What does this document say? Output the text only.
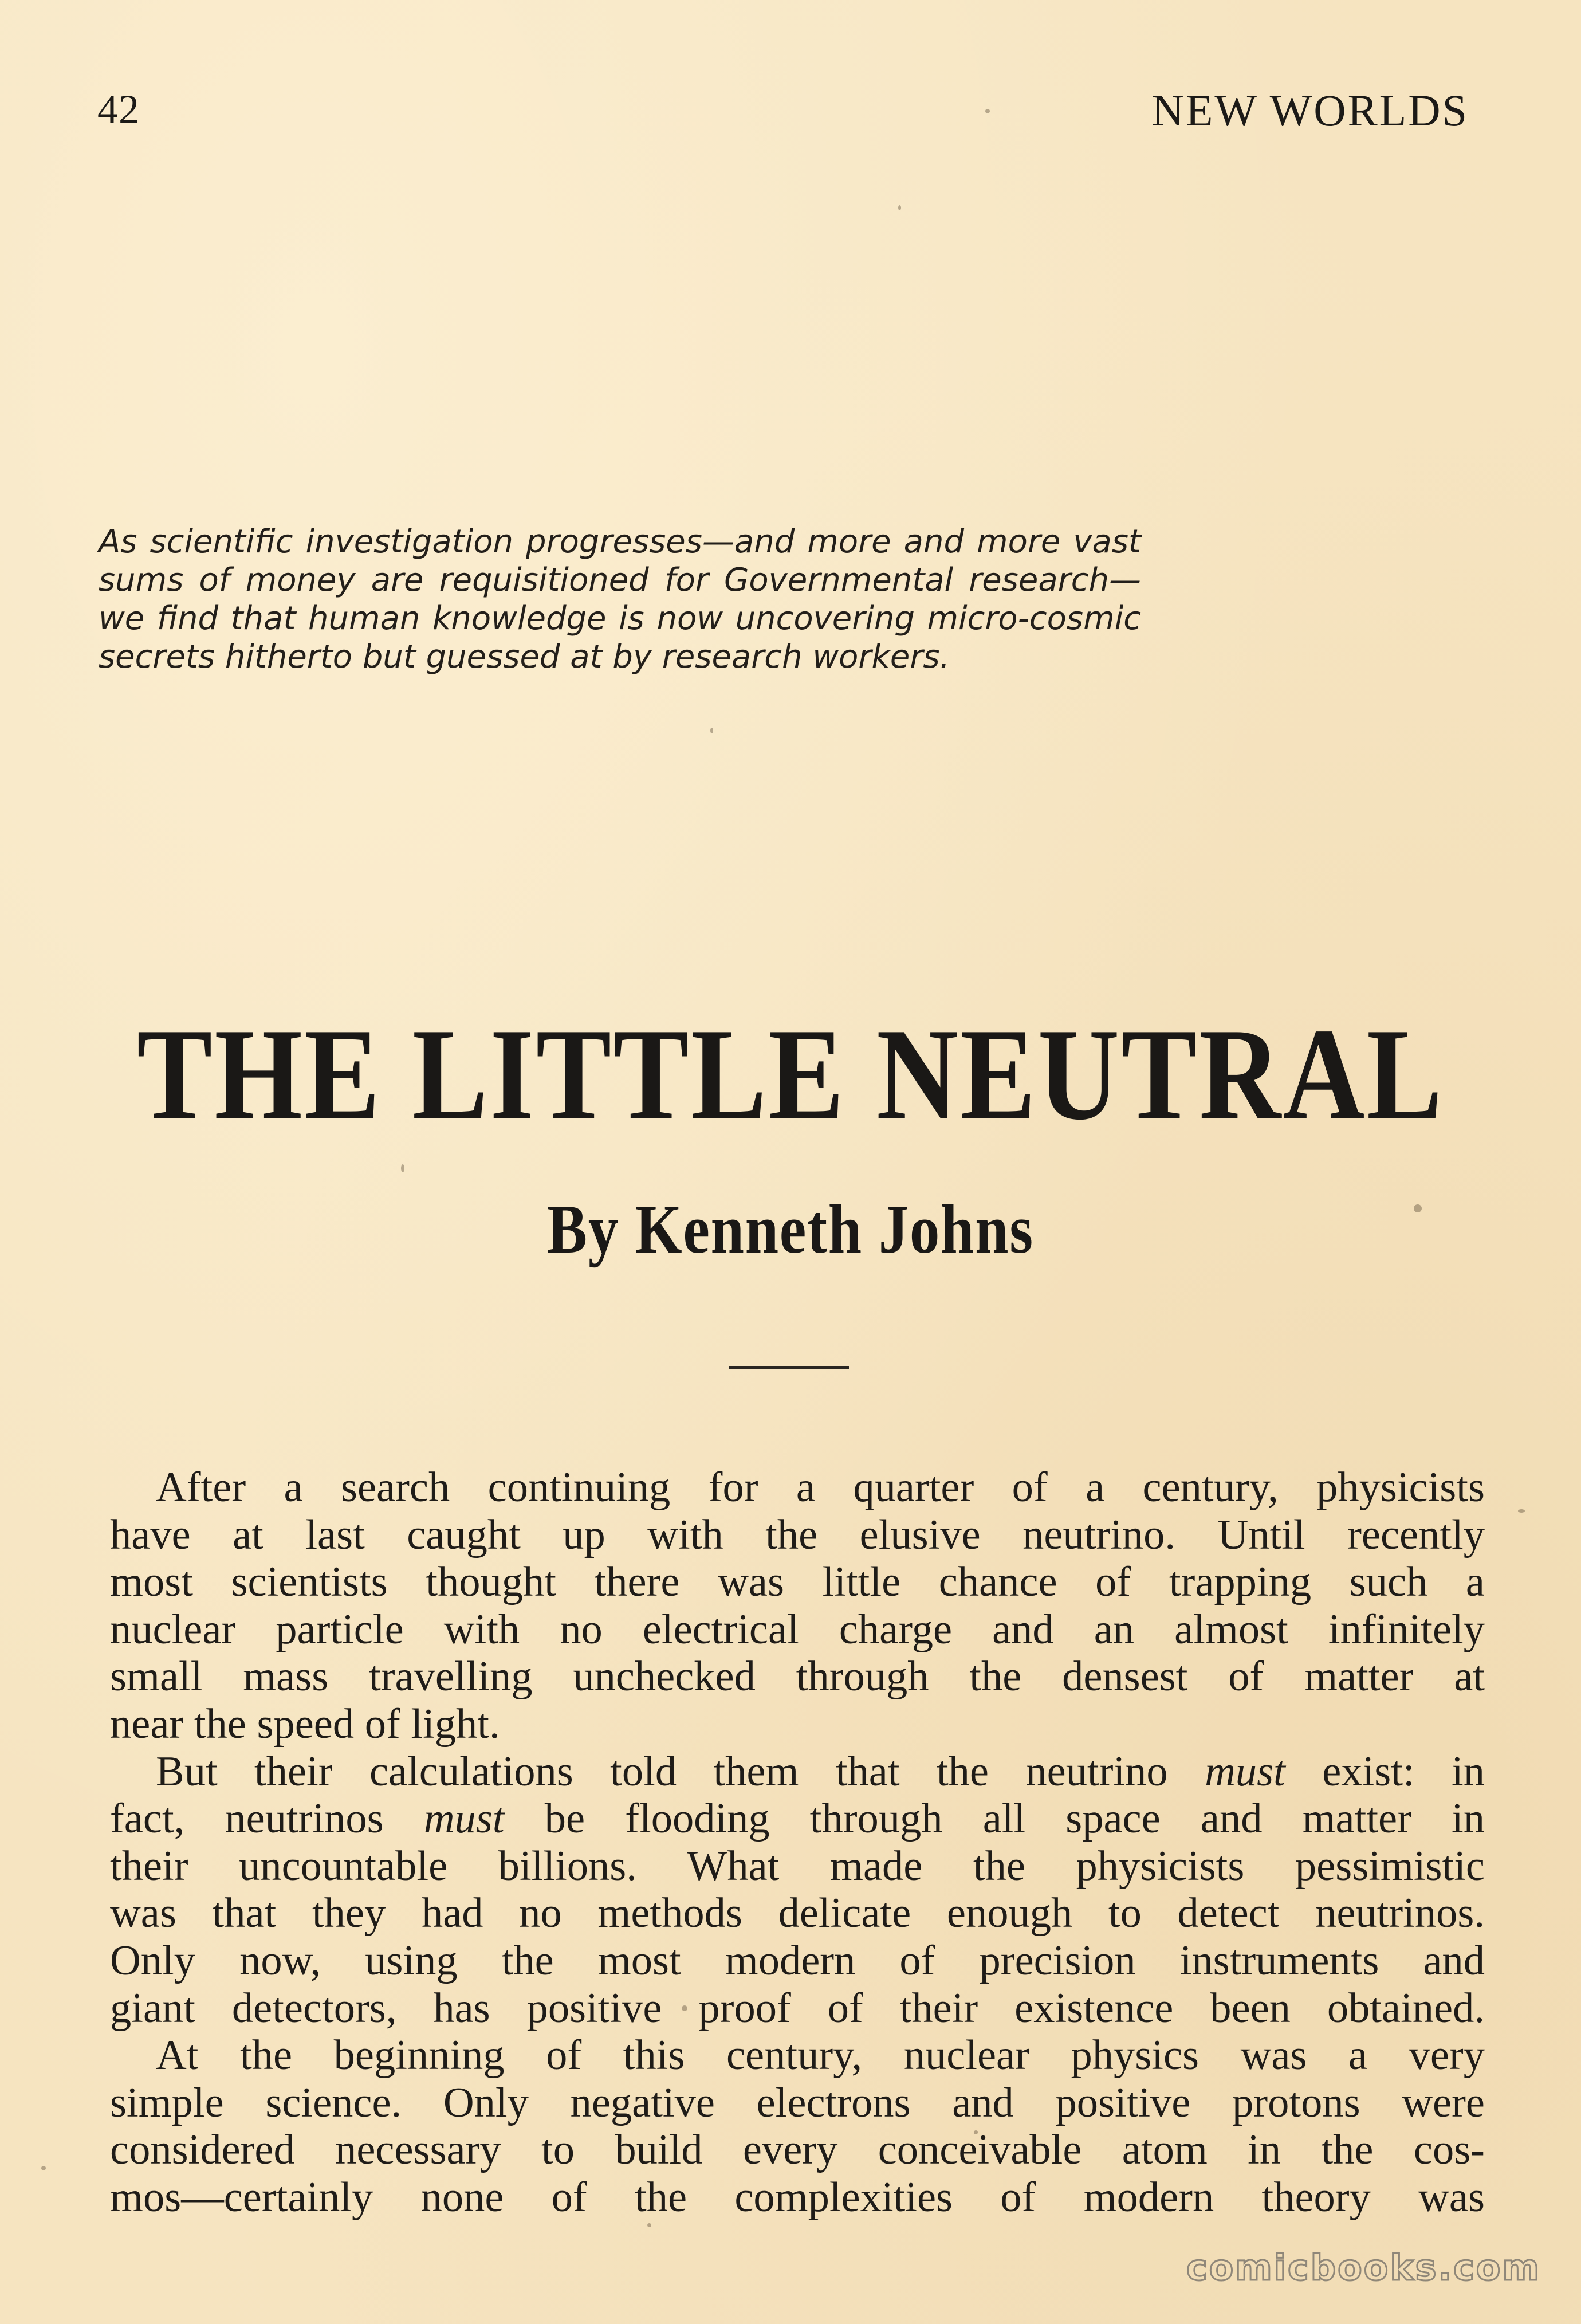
42	NEW WORLDS
As scientific investigation progresses—and more and more vast
sums of money are requisitioned for Governmental research—
we find that human knowledge is now uncovering micro-cosmic
secrets hitherto but guessed at by research workers.
THE LITTLE NEUTRAL
By Kenneth Johns
After a search continuing for a quarter of a century, physicists
have at last caught up with the elusive neutrino. Until recently
most scientists thought there was little chance of trapping such a
nuclear particle with no electrical charge and an almost infinitely
small mass travelling unchecked through the densest of matter at
near the speed of light.
But their calculations told them that the neutrino must exist: in
fact, neutrinos must be flooding through all space and matter in
their uncountable billions. What made the physicists pessimistic
was that they had no methods delicate enough to detect neutrinos.
Only now, using the most modern of precision instruments and
giant detectors, has positive proof of their existence been obtained.
At the beginning of this century, nuclear physics was a very
simple science. Only negative electrons and positive protons were
considered necessary to build every conceivable atom in the cos-
mos—certainly none of the complexities of modern theory was
comicbooks.com
